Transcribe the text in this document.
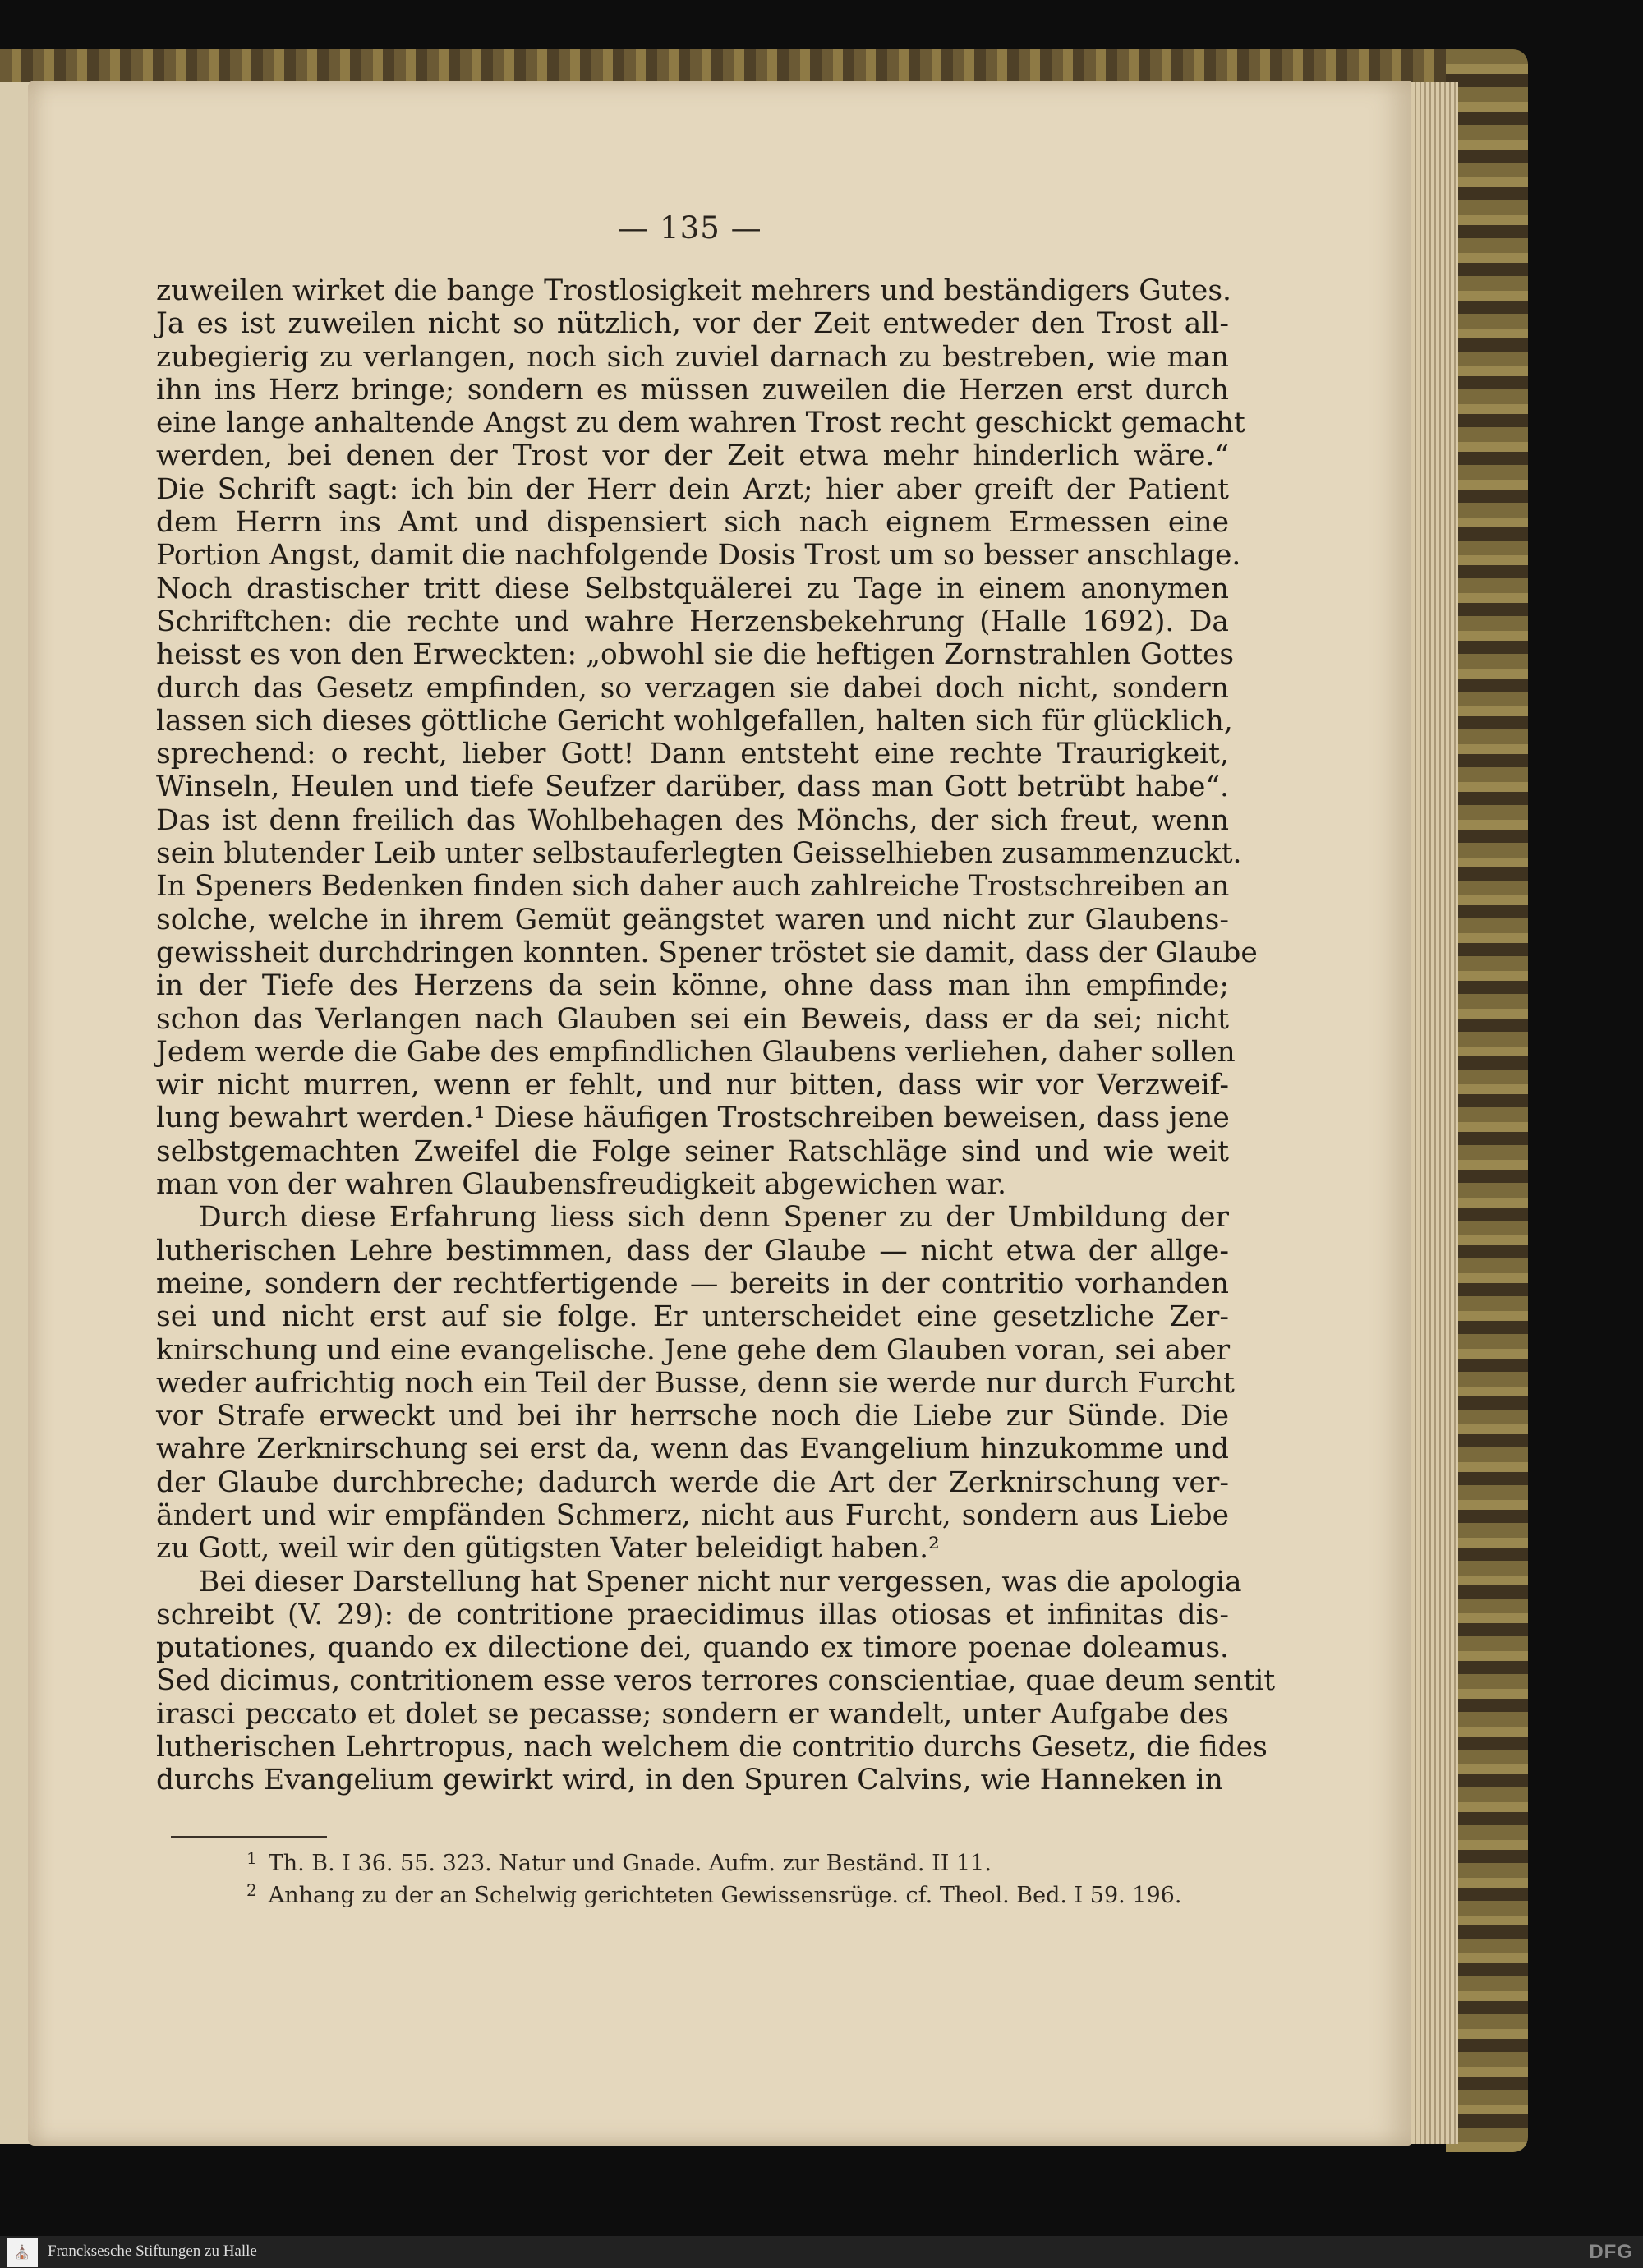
— 135 —
zuweilen wirket die bange Trostlosigkeit mehrers und beständigers Gutes.
Ja es ist zuweilen nicht so nützlich, vor der Zeit entweder den Trost all-
zubegierig zu verlangen, noch sich zuviel darnach zu bestreben, wie man
ihn ins Herz bringe; sondern es müssen zuweilen die Herzen erst durch
eine lange anhaltende Angst zu dem wahren Trost recht geschickt gemacht
werden, bei denen der Trost vor der Zeit etwa mehr hinderlich wäre.“
Die Schrift sagt: ich bin der Herr dein Arzt; hier aber greift der Patient
dem Herrn ins Amt und dispensiert sich nach eignem Ermessen eine
Portion Angst, damit die nachfolgende Dosis Trost um so besser anschlage.
Noch drastischer tritt diese Selbstquälerei zu Tage in einem anonymen
Schriftchen: die rechte und wahre Herzensbekehrung (Halle 1692). Da
heisst es von den Erweckten: „obwohl sie die heftigen Zornstrahlen Gottes
durch das Gesetz empfinden, so verzagen sie dabei doch nicht, sondern
lassen sich dieses göttliche Gericht wohlgefallen, halten sich für glücklich,
sprechend: o recht, lieber Gott! Dann entsteht eine rechte Traurigkeit,
Winseln, Heulen und tiefe Seufzer darüber, dass man Gott betrübt habe“.
Das ist denn freilich das Wohlbehagen des Mönchs, der sich freut, wenn
sein blutender Leib unter selbstauferlegten Geisselhieben zusammenzuckt.
In Speners Bedenken finden sich daher auch zahlreiche Trostschreiben an
solche, welche in ihrem Gemüt geängstet waren und nicht zur Glaubens-
gewissheit durchdringen konnten. Spener tröstet sie damit, dass der Glaube
in der Tiefe des Herzens da sein könne, ohne dass man ihn empfinde;
schon das Verlangen nach Glauben sei ein Beweis, dass er da sei; nicht
Jedem werde die Gabe des empfindlichen Glaubens verliehen, daher sollen
wir nicht murren, wenn er fehlt, und nur bitten, dass wir vor Verzweif-
lung bewahrt werden.¹ Diese häufigen Trostschreiben beweisen, dass jene
selbstgemachten Zweifel die Folge seiner Ratschläge sind und wie weit
man von der wahren Glaubensfreudigkeit abgewichen war.
Durch diese Erfahrung liess sich denn Spener zu der Umbildung der
lutherischen Lehre bestimmen, dass der Glaube — nicht etwa der allge-
meine, sondern der rechtfertigende — bereits in der contritio vorhanden
sei und nicht erst auf sie folge. Er unterscheidet eine gesetzliche Zer-
knirschung und eine evangelische. Jene gehe dem Glauben voran, sei aber
weder aufrichtig noch ein Teil der Busse, denn sie werde nur durch Furcht
vor Strafe erweckt und bei ihr herrsche noch die Liebe zur Sünde. Die
wahre Zerknirschung sei erst da, wenn das Evangelium hinzukomme und
der Glaube durchbreche; dadurch werde die Art der Zerknirschung ver-
ändert und wir empfänden Schmerz, nicht aus Furcht, sondern aus Liebe
zu Gott, weil wir den gütigsten Vater beleidigt haben.²
Bei dieser Darstellung hat Spener nicht nur vergessen, was die apologia
schreibt (V. 29): de contritione praecidimus illas otiosas et infinitas dis-
putationes, quando ex dilectione dei, quando ex timore poenae doleamus.
Sed dicimus, contritionem esse veros terrores conscientiae, quae deum sentit
irasci peccato et dolet se pecasse; sondern er wandelt, unter Aufgabe des
lutherischen Lehrtropus, nach welchem die contritio durchs Gesetz, die fides
durchs Evangelium gewirkt wird, in den Spuren Calvins, wie Hanneken in
$^1$ Th. B. I 36. 55. 323. Natur und Gnade. Aufm. zur Beständ. II 11.
$^2$ Anhang zu der an Schelwig gerichteten Gewissensrüge. cf. Theol. Bed. I 59. 196.
⛪	Francksesche Stiftungen zu Halle	DFG
